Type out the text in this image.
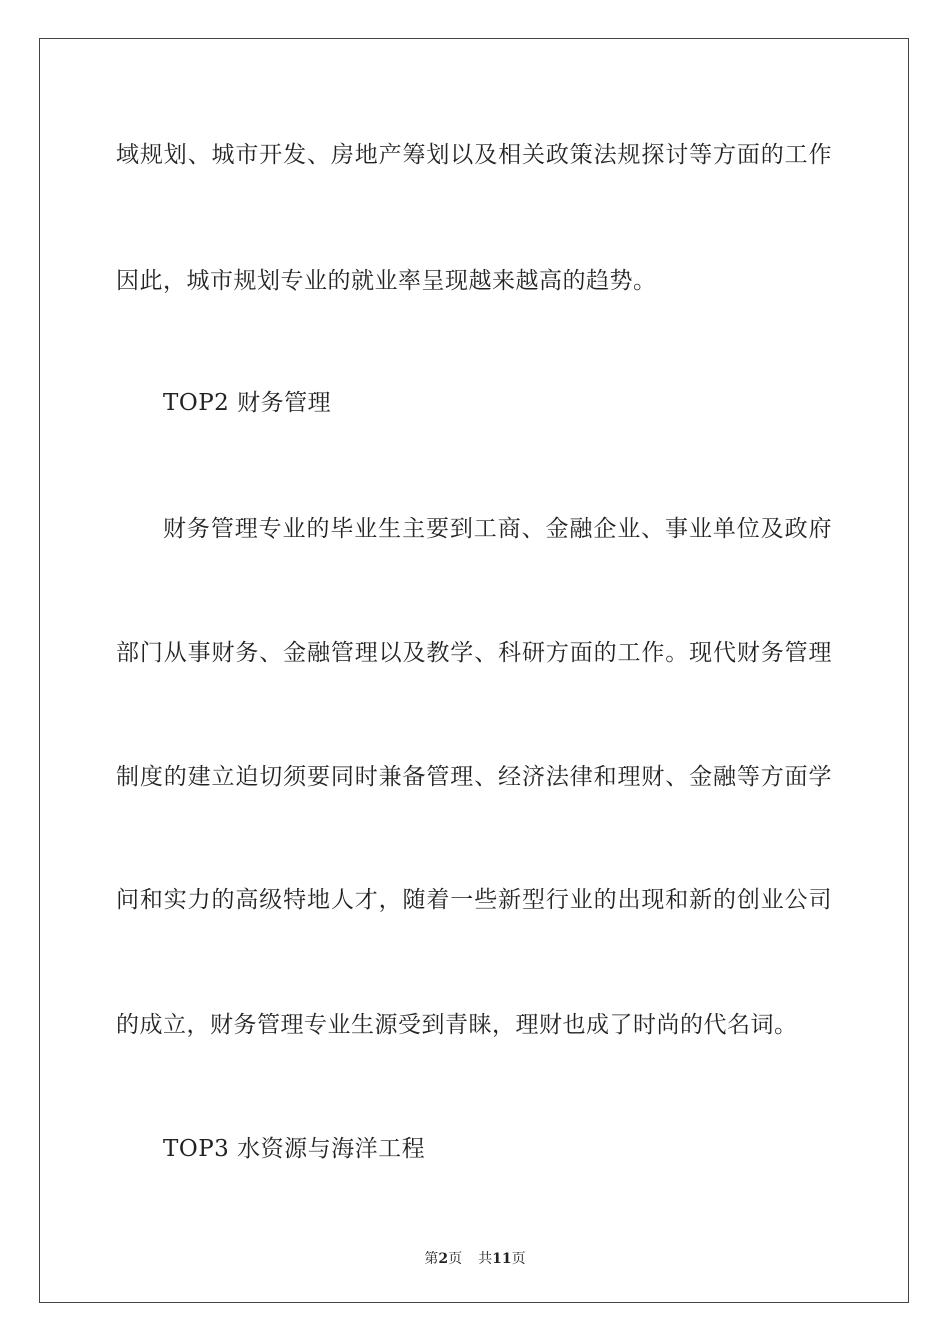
域规划、城市开发、房地产筹划以及相关政策法规探讨等方面的工作
因此，城市规划专业的就业率呈现越来越高的趋势。
TOP2 财务管理
财务管理专业的毕业生主要到工商、金融企业、事业单位及政府
部门从事财务、金融管理以及教学、科研方面的工作。现代财务管理
制度的建立迫切须要同时兼备管理、经济法律和理财、金融等方面学
问和实力的高级特地人才，随着一些新型行业的出现和新的创业公司
的成立，财务管理专业生源受到青睐，理财也成了时尚的代名词。
TOP3 水资源与海洋工程
第2页 共11页
